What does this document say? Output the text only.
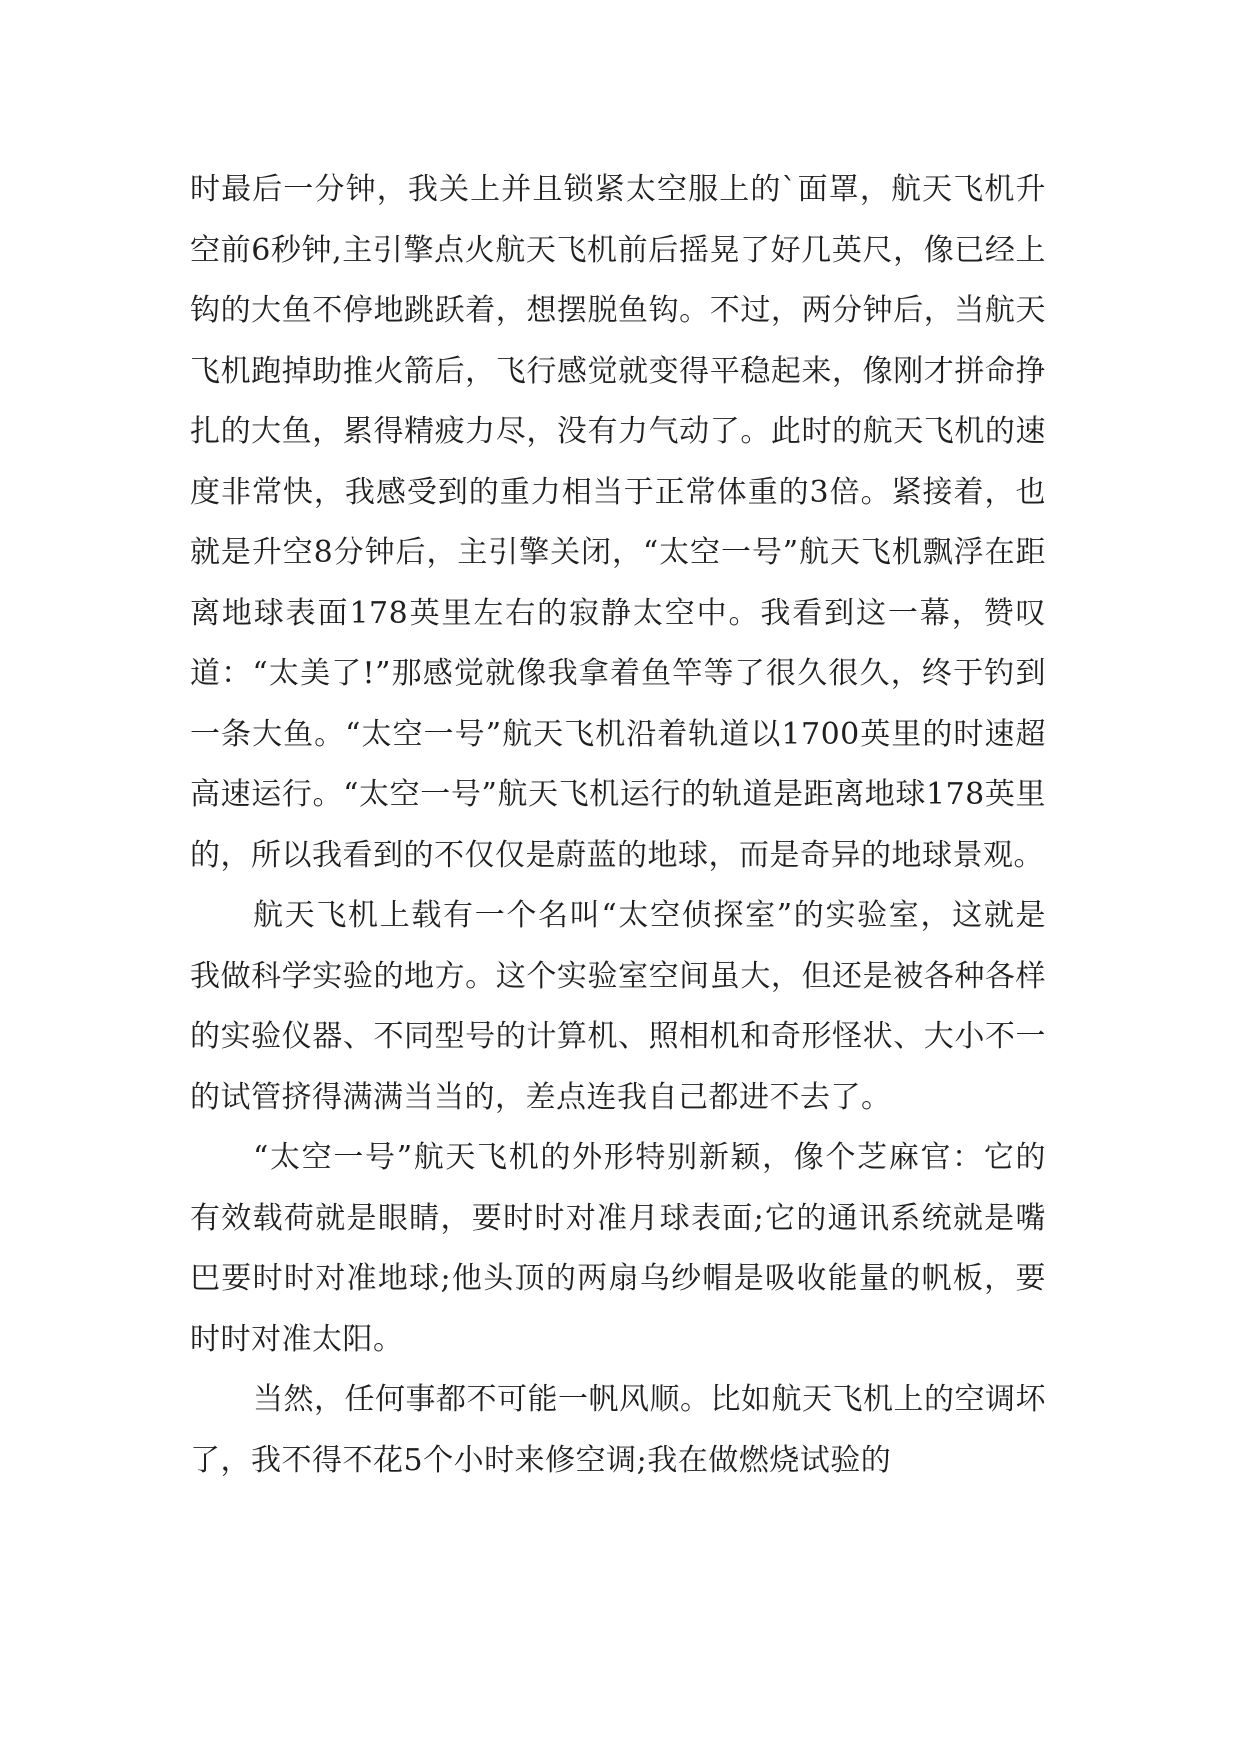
时最后一分钟，我关上并且锁紧太空服上的`面罩，航天飞机升空前6秒钟,主引擎点火航天飞机前后摇晃了好几英尺，像已经上钩的大鱼不停地跳跃着，想摆脱鱼钩。不过，两分钟后，当航天飞机跑掉助推火箭后，飞行感觉就变得平稳起来，像刚才拼命挣扎的大鱼，累得精疲力尽，没有力气动了。此时的航天飞机的速度非常快，我感受到的重力相当于正常体重的3倍。紧接着，也就是升空8分钟后，主引擎关闭，“太空一号”航天飞机飘浮在距离地球表面178英里左右的寂静太空中。我看到这一幕，赞叹道：“太美了!”那感觉就像我拿着鱼竿等了很久很久，终于钓到一条大鱼。“太空一号”航天飞机沿着轨道以1700英里的时速超高速运行。“太空一号”航天飞机运行的轨道是距离地球178英里的，所以我看到的不仅仅是蔚蓝的地球，而是奇异的地球景观。

航天飞机上载有一个名叫“太空侦探室”的实验室，这就是我做科学实验的地方。这个实验室空间虽大，但还是被各种各样的实验仪器、不同型号的计算机、照相机和奇形怪状、大小不一的试管挤得满满当当的，差点连我自己都进不去了。

“太空一号”航天飞机的外形特别新颖，像个芝麻官：它的有效载荷就是眼睛，要时时对准月球表面;它的通讯系统就是嘴巴要时时对准地球;他头顶的两扇乌纱帽是吸收能量的帆板，要时时对准太阳。

当然，任何事都不可能一帆风顺。比如航天飞机上的空调坏了，我不得不花5个小时来修空调;我在做燃烧试验的
